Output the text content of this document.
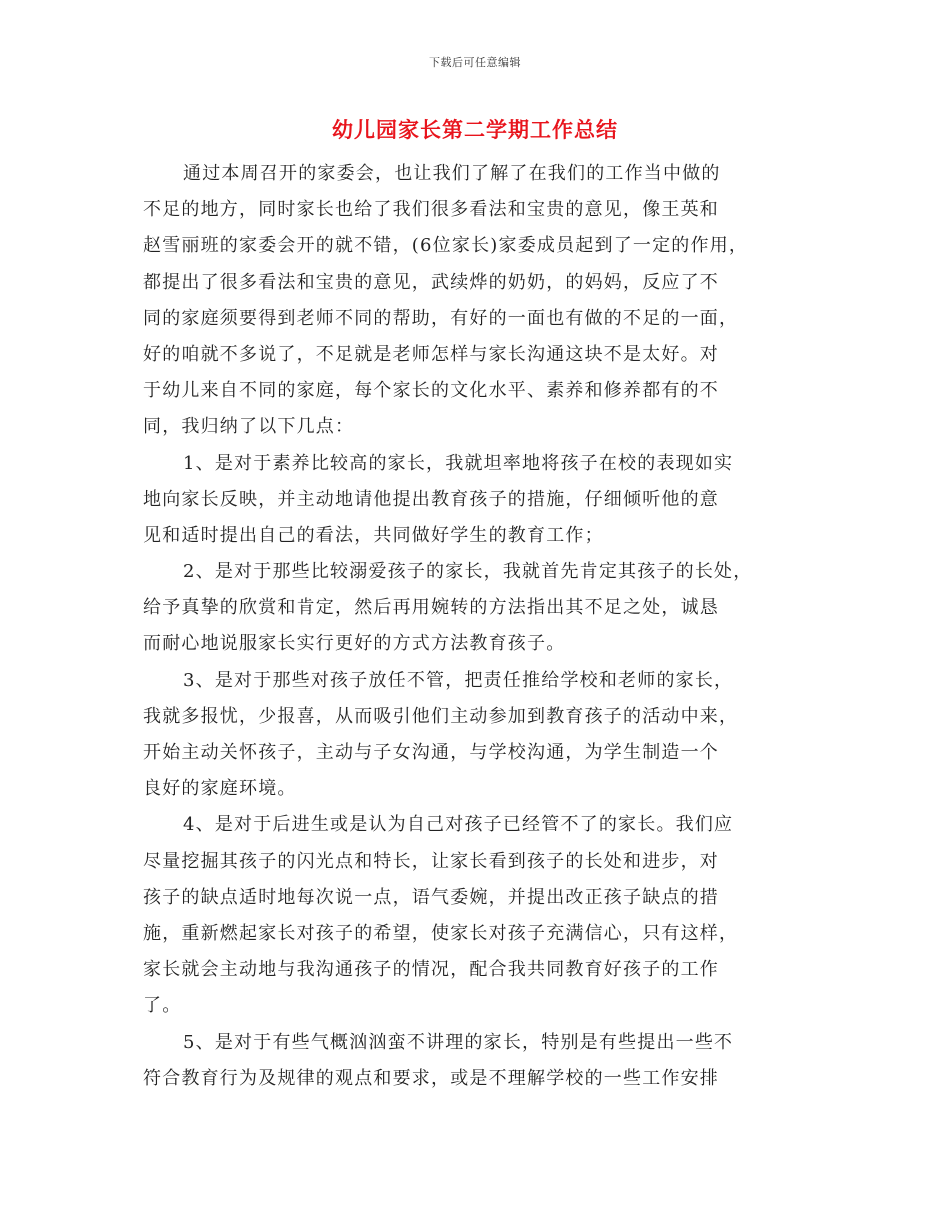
下载后可任意编辑
幼儿园家长第二学期工作总结
通过本周召开的家委会，也让我们了解了在我们的工作当中做的
不足的地方，同时家长也给了我们很多看法和宝贵的意见，像王英和
赵雪丽班的家委会开的就不错，(6位家长)家委成员起到了一定的作用，
都提出了很多看法和宝贵的意见，武续烨的奶奶，的妈妈，反应了不
同的家庭须要得到老师不同的帮助，有好的一面也有做的不足的一面，
好的咱就不多说了，不足就是老师怎样与家长沟通这块不是太好。对
于幼儿来自不同的家庭，每个家长的文化水平、素养和修养都有的不
同，我归纳了以下几点：
1、是对于素养比较高的家长，我就坦率地将孩子在校的表现如实
地向家长反映，并主动地请他提出教育孩子的措施，仔细倾听他的意
见和适时提出自己的看法，共同做好学生的教育工作；
2、是对于那些比较溺爱孩子的家长，我就首先肯定其孩子的长处，
给予真挚的欣赏和肯定，然后再用婉转的方法指出其不足之处，诚恳
而耐心地说服家长实行更好的方式方法教育孩子。
3、是对于那些对孩子放任不管，把责任推给学校和老师的家长，
我就多报忧，少报喜，从而吸引他们主动参加到教育孩子的活动中来，
开始主动关怀孩子，主动与子女沟通，与学校沟通，为学生制造一个
良好的家庭环境。
4、是对于后进生或是认为自己对孩子已经管不了的家长。我们应
尽量挖掘其孩子的闪光点和特长，让家长看到孩子的长处和进步，对
孩子的缺点适时地每次说一点，语气委婉，并提出改正孩子缺点的措
施，重新燃起家长对孩子的希望，使家长对孩子充满信心，只有这样，
家长就会主动地与我沟通孩子的情况，配合我共同教育好孩子的工作
了。
5、是对于有些气概汹汹蛮不讲理的家长，特别是有些提出一些不
符合教育行为及规律的观点和要求，或是不理解学校的一些工作安排
